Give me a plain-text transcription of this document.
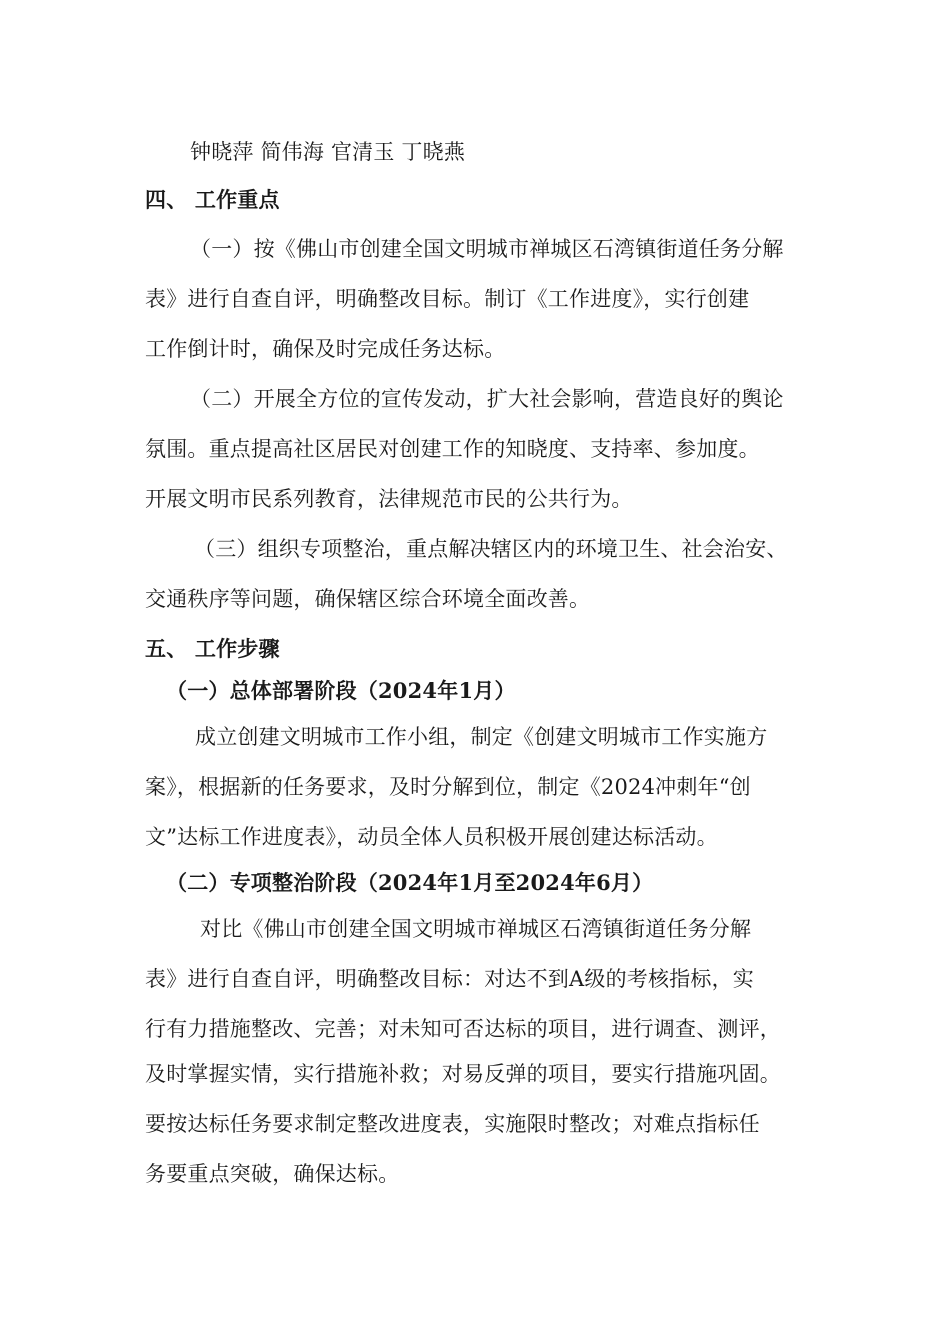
钟晓萍 简伟海 官清玉 丁晓燕
四、 工作重点
（一）按《佛山市创建全国文明城市禅城区石湾镇街道任务分解
表》进行自查自评，明确整改目标。制订《工作进度》，实行创建
工作倒计时，确保及时完成任务达标。
（二）开展全方位的宣传发动，扩大社会影响，营造良好的舆论
氛围。重点提高社区居民对创建工作的知晓度、支持率、参加度。
开展文明市民系列教育，法律规范市民的公共行为。
（三）组织专项整治，重点解决辖区内的环境卫生、社会治安、
交通秩序等问题，确保辖区综合环境全面改善。
五、 工作步骤
（一）总体部署阶段（2024年1月）
成立创建文明城市工作小组，制定《创建文明城市工作实施方
案》，根据新的任务要求，及时分解到位，制定《2024冲刺年“创
文”达标工作进度表》，动员全体人员积极开展创建达标活动。
（二）专项整治阶段（2024年1月至2024年6月）
对比《佛山市创建全国文明城市禅城区石湾镇街道任务分解
表》进行自查自评，明确整改目标：对达不到A级的考核指标，实
行有力措施整改、完善；对未知可否达标的项目，进行调查、测评，
及时掌握实情，实行措施补救；对易反弹的项目，要实行措施巩固。
要按达标任务要求制定整改进度表，实施限时整改；对难点指标任
务要重点突破，确保达标。
